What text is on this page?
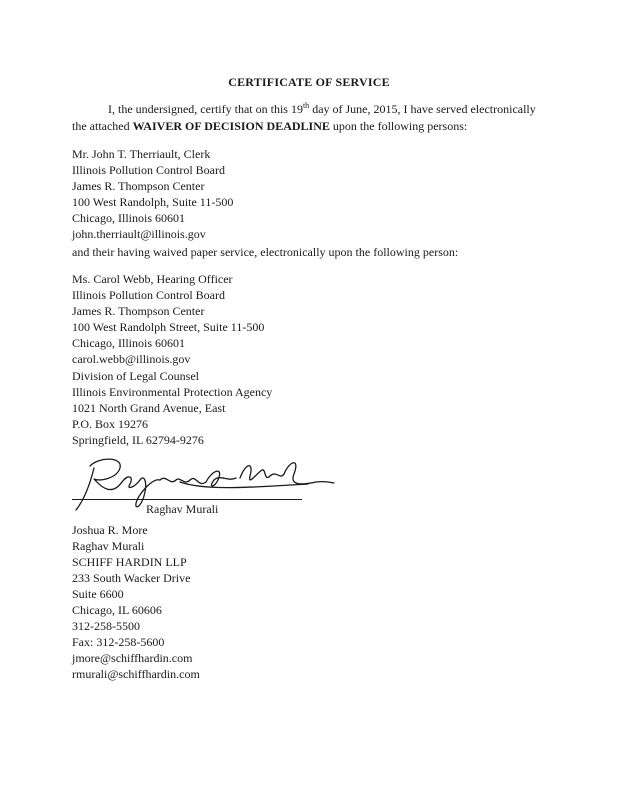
CERTIFICATE OF SERVICE
I, the undersigned, certify that on this 19th day of June, 2015, I have served electronically the attached WAIVER OF DECISION DEADLINE upon the following persons:
Mr. John T. Therriault, Clerk
Illinois Pollution Control Board
James R. Thompson Center
100 West Randolph, Suite 11-500
Chicago, Illinois 60601
john.therriault@illinois.gov
and their having waived paper service, electronically upon the following person:
Ms. Carol Webb, Hearing Officer
Illinois Pollution Control Board
James R. Thompson Center
100 West Randolph Street, Suite 11-500
Chicago, Illinois 60601
carol.webb@illinois.gov
Division of Legal Counsel
Illinois Environmental Protection Agency
1021 North Grand Avenue, East
P.O. Box 19276
Springfield, IL 62794-9276
Raghav Murali
Joshua R. More
Raghav Murali
SCHIFF HARDIN LLP
233 South Wacker Drive
Suite 6600
Chicago, IL 60606
312-258-5500
Fax: 312-258-5600
jmore@schiffhardin.com
rmurali@schiffhardin.com
